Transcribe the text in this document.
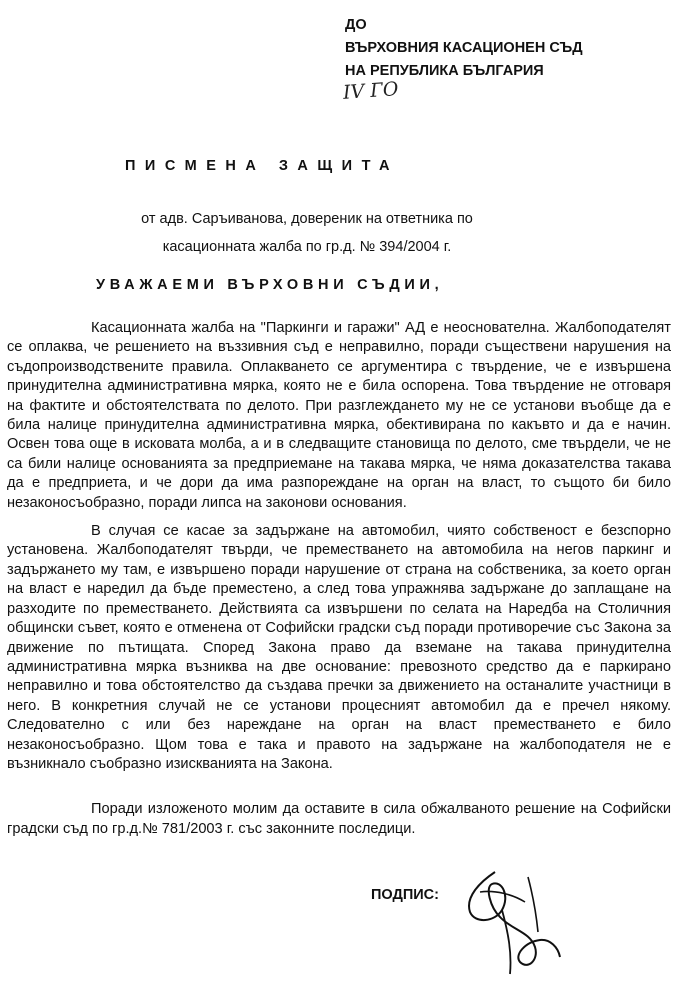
ДО
ВЪРХОВНИЯ КАСАЦИОНЕН СЪД
НА РЕПУБЛИКА БЪЛГАРИЯ
IV ГО
ПИСМЕНА ЗАЩИТА
от адв. Саръиванова, довереник на ответника по
касационната жалба по гр.д. № 394/2004 г.
УВАЖАЕМИ ВЪРХОВНИ СЪДИИ,

Касационната жалба на "Паркинги и гаражи" АД е неоснователна. Жалбоподателят се оплаква, че решението на въззивния съд е неправилно, поради съществени нарушения на съдопроизводствените правила. Оплакването се аргументира с твърдение, че е извършена принудителна административна мярка, която не е била оспорена. Това твърдение не отговаря на фактите и обстоятелствата по делото. При разглеждането му не се установи въобще да е била налице принудителна административна мярка, обективирана по какъвто и да е начин. Освен това още в исковата молба, а и в следващите становища по делото, сме твърдели, че не са били налице основанията за предприемане на такава мярка, че няма доказателства такава да е предприета, и че дори да има разпореждане на орган на власт, то същото би било незаконосъобразно, поради липса на законови основания.

В случая се касае за задържане на автомобил, чиято собственост е безспорно установена. Жалбоподателят твърди, че преместването на автомобила на негов паркинг и задържането му там, е извършено поради нарушение от страна на собственика, за което орган на власт е наредил да бъде преместено, а след това упражнява задържане до заплащане на разходите по преместването. Действията са извършени по селата на Наредба на Столичния общински съвет, която е отменена от Софийски градски съд поради противоречие със Закона за движение по пътищата. Според Закона право да вземане на такава принудителна административна мярка възниква на две основание: превозното средство да е паркирано неправилно и това обстоятелство да създава пречки за движението на останалите участници в него. В конкретния случай не се установи процесният автомобил да е пречел някому. Следователно с или без нареждане на орган на власт преместването е било незаконосъобразно. Щом това е така и правото на задържане на жалбоподателя не е възникнало съобразно изискванията на Закона.

Поради изложеното молим да оставите в сила обжалваното решение на Софийски градски съд по гр.д.№ 781/2003 г. със законните последици.

ПОДПИС:
